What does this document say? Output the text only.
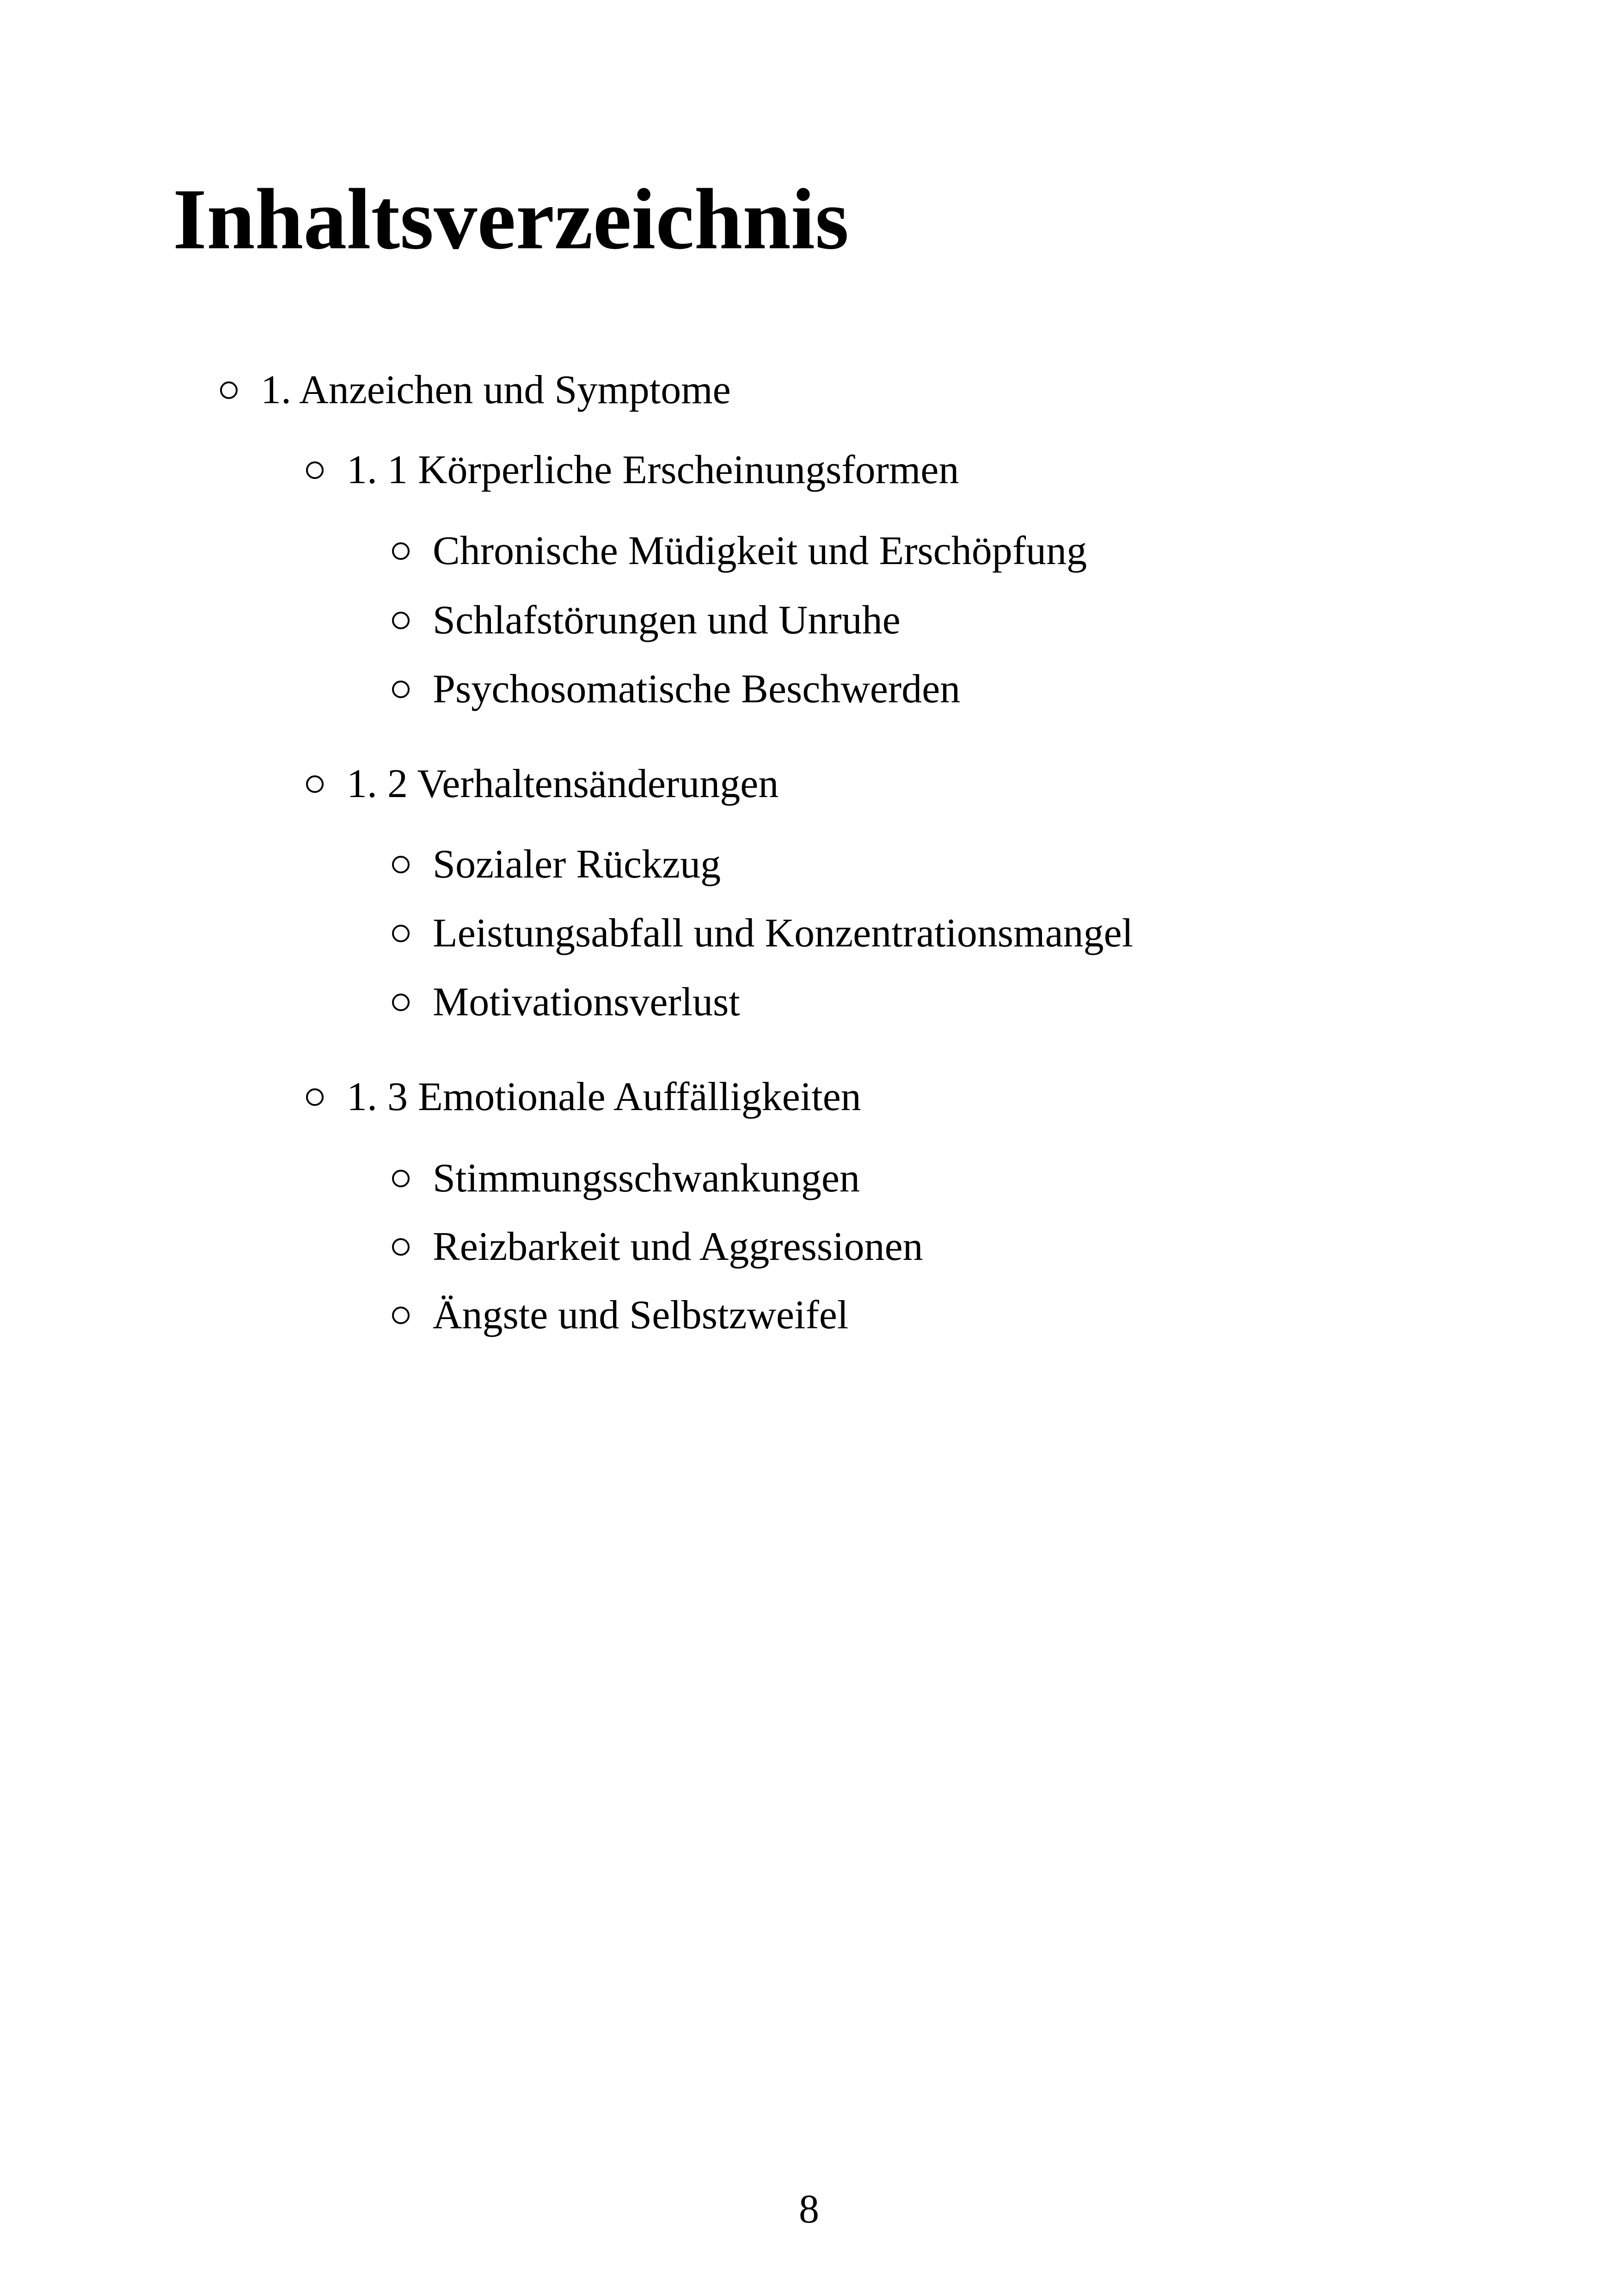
Inhaltsverzeichnis
1. Anzeichen und Symptome
1. 1 Körperliche Erscheinungsformen
Chronische Müdigkeit und Erschöpfung
Schlafstörungen und Unruhe
Psychosomatische Beschwerden
1. 2 Verhaltensänderungen
Sozialer Rückzug
Leistungsabfall und Konzentrationsmangel
Motivationsverlust
1. 3 Emotionale Auffälligkeiten
Stimmungsschwankungen
Reizbarkeit und Aggressionen
Ängste und Selbstzweifel
8
